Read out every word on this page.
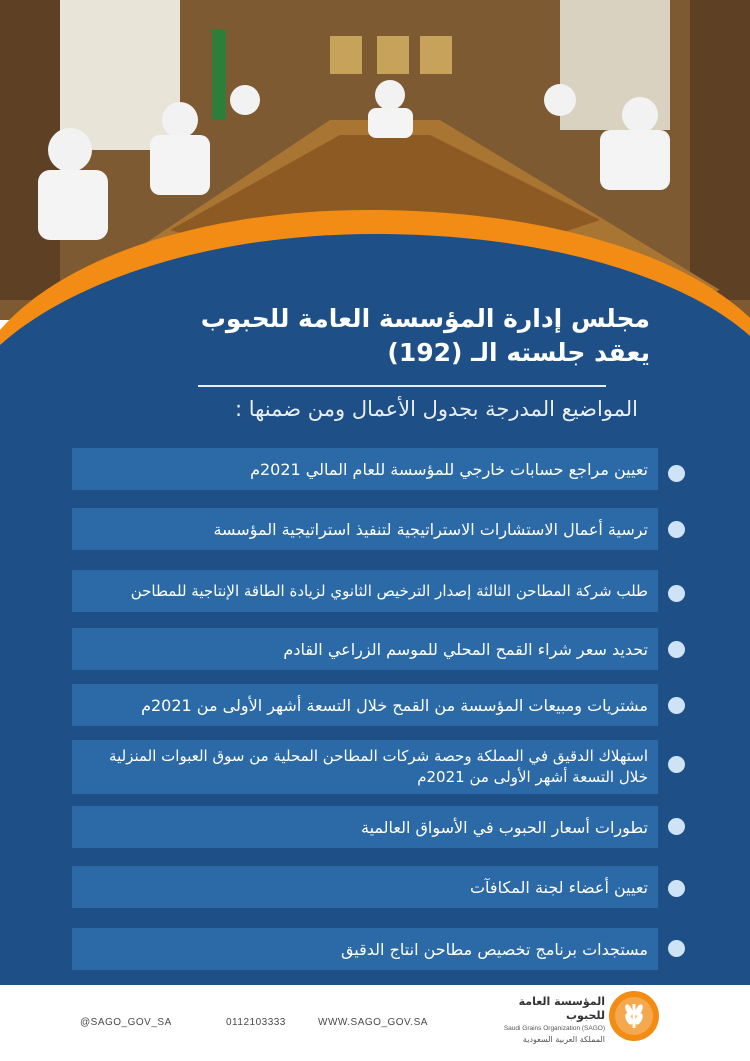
مجلس إدارة المؤسسة العامة للحبوب
يعقد جلسته الـ (192)
المواضيع المدرجة بجدول الأعمال ومن ضمنها :
تعيين مراجع حسابات خارجي للمؤسسة للعام المالي 2021م
ترسية أعمال الاستشارات الاستراتيجية لتنفيذ استراتيجية المؤسسة
طلب شركة المطاحن الثالثة إصدار الترخيص الثانوي لزيادة الطاقة الإنتاجية للمطاحن
تحديد سعر شراء القمح المحلي للموسم الزراعي القادم
مشتريات ومبيعات المؤسسة من القمح خلال التسعة أشهر الأولى من 2021م
استهلاك الدقيق في المملكة وحصة شركات المطاحن المحلية من سوق العبوات المنزلية خلال التسعة أشهر الأولى من 2021م
تطورات أسعار الحبوب في الأسواق العالمية
تعيين أعضاء لجنة المكافآت
مستجدات برنامج تخصيص مطاحن انتاج الدقيق
@SAGO_GOV_SA	0112103333	WWW.SAGO_GOV.SA
المؤسسة العامة للحبوب
Saudi Grains Organization (SAGO)
المملكة العربية السعودية
